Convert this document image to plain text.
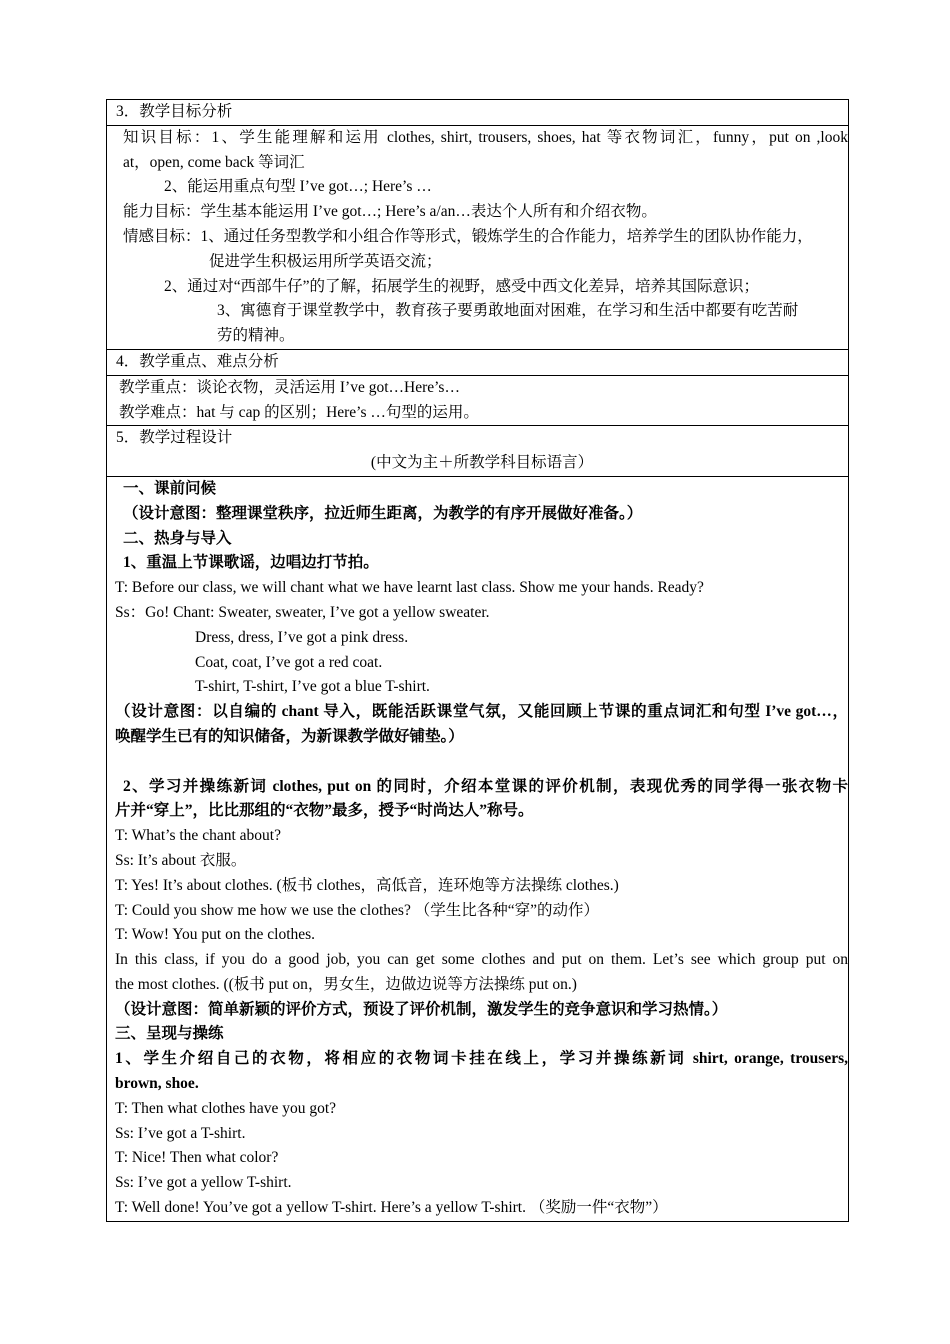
3．教学目标分析
知识目标：1、学生能理解和运用 clothes, shirt, trousers, shoes, hat 等衣物词汇，funny，put on ,look
at，open, come back 等词汇
2、能运用重点句型 I’ve got…; Here’s …
能力目标：学生基本能运用 I’ve got…; Here’s a/an…表达个人所有和介绍衣物。
情感目标：1、通过任务型教学和小组合作等形式，锻炼学生的合作能力，培养学生的团队协作能力，
促进学生积极运用所学英语交流；
2、通过对“西部牛仔”的了解，拓展学生的视野，感受中西文化差异，培养其国际意识；
3、寓德育于课堂教学中，教育孩子要勇敢地面对困难，在学习和生活中都要有吃苦耐
劳的精神。
4．教学重点、难点分析
教学重点：谈论衣物，灵活运用 I’ve got…Here’s…
教学难点：hat 与 cap 的区别；Here’s …句型的运用。
5．教学过程设计
(中文为主＋所教学科目标语言）
一、课前问候
（设计意图：整理课堂秩序，拉近师生距离，为教学的有序开展做好准备。）
二、热身与导入
1、重温上节课歌谣，边唱边打节拍。
T: Before our class, we will chant what we have learnt last class. Show me your hands. Ready?
Ss：Go! Chant: Sweater, sweater, I’ve got a yellow sweater.
Dress, dress, I’ve got a pink dress.
Coat, coat, I’ve got a red coat.
T-shirt, T-shirt, I’ve got a blue T-shirt.
（设计意图：以自编的 chant 导入，既能活跃课堂气氛，又能回顾上节课的重点词汇和句型 I’ve got…，
唤醒学生已有的知识储备，为新课教学做好铺垫。）
2、学习并操练新词 clothes, put on 的同时，介绍本堂课的评价机制，表现优秀的同学得一张衣物卡
片并“穿上”，比比那组的“衣物”最多，授予“时尚达人”称号。
T: What’s the chant about?
Ss: It’s about 衣服。
T: Yes! It’s about clothes. (板书 clothes，高低音，连环炮等方法操练 clothes.)
T: Could you show me how we use the clothes? （学生比各种“穿”的动作）
T: Wow! You put on the clothes.
In this class, if you do a good job, you can get some clothes and put on them. Let’s see which group put on
the most clothes. ((板书 put on，男女生，边做边说等方法操练 put on.)
（设计意图：简单新颖的评价方式，预设了评价机制，激发学生的竞争意识和学习热情。）
三、呈现与操练
1、学生介绍自己的衣物，将相应的衣物词卡挂在线上，学习并操练新词 shirt, orange, trousers,
brown, shoe.
T: Then what clothes have you got?
Ss: I’ve got a T-shirt.
T: Nice! Then what color?
Ss: I’ve got a yellow T-shirt.
T: Well done! You’ve got a yellow T-shirt. Here’s a yellow T-shirt. （奖励一件“衣物”）
